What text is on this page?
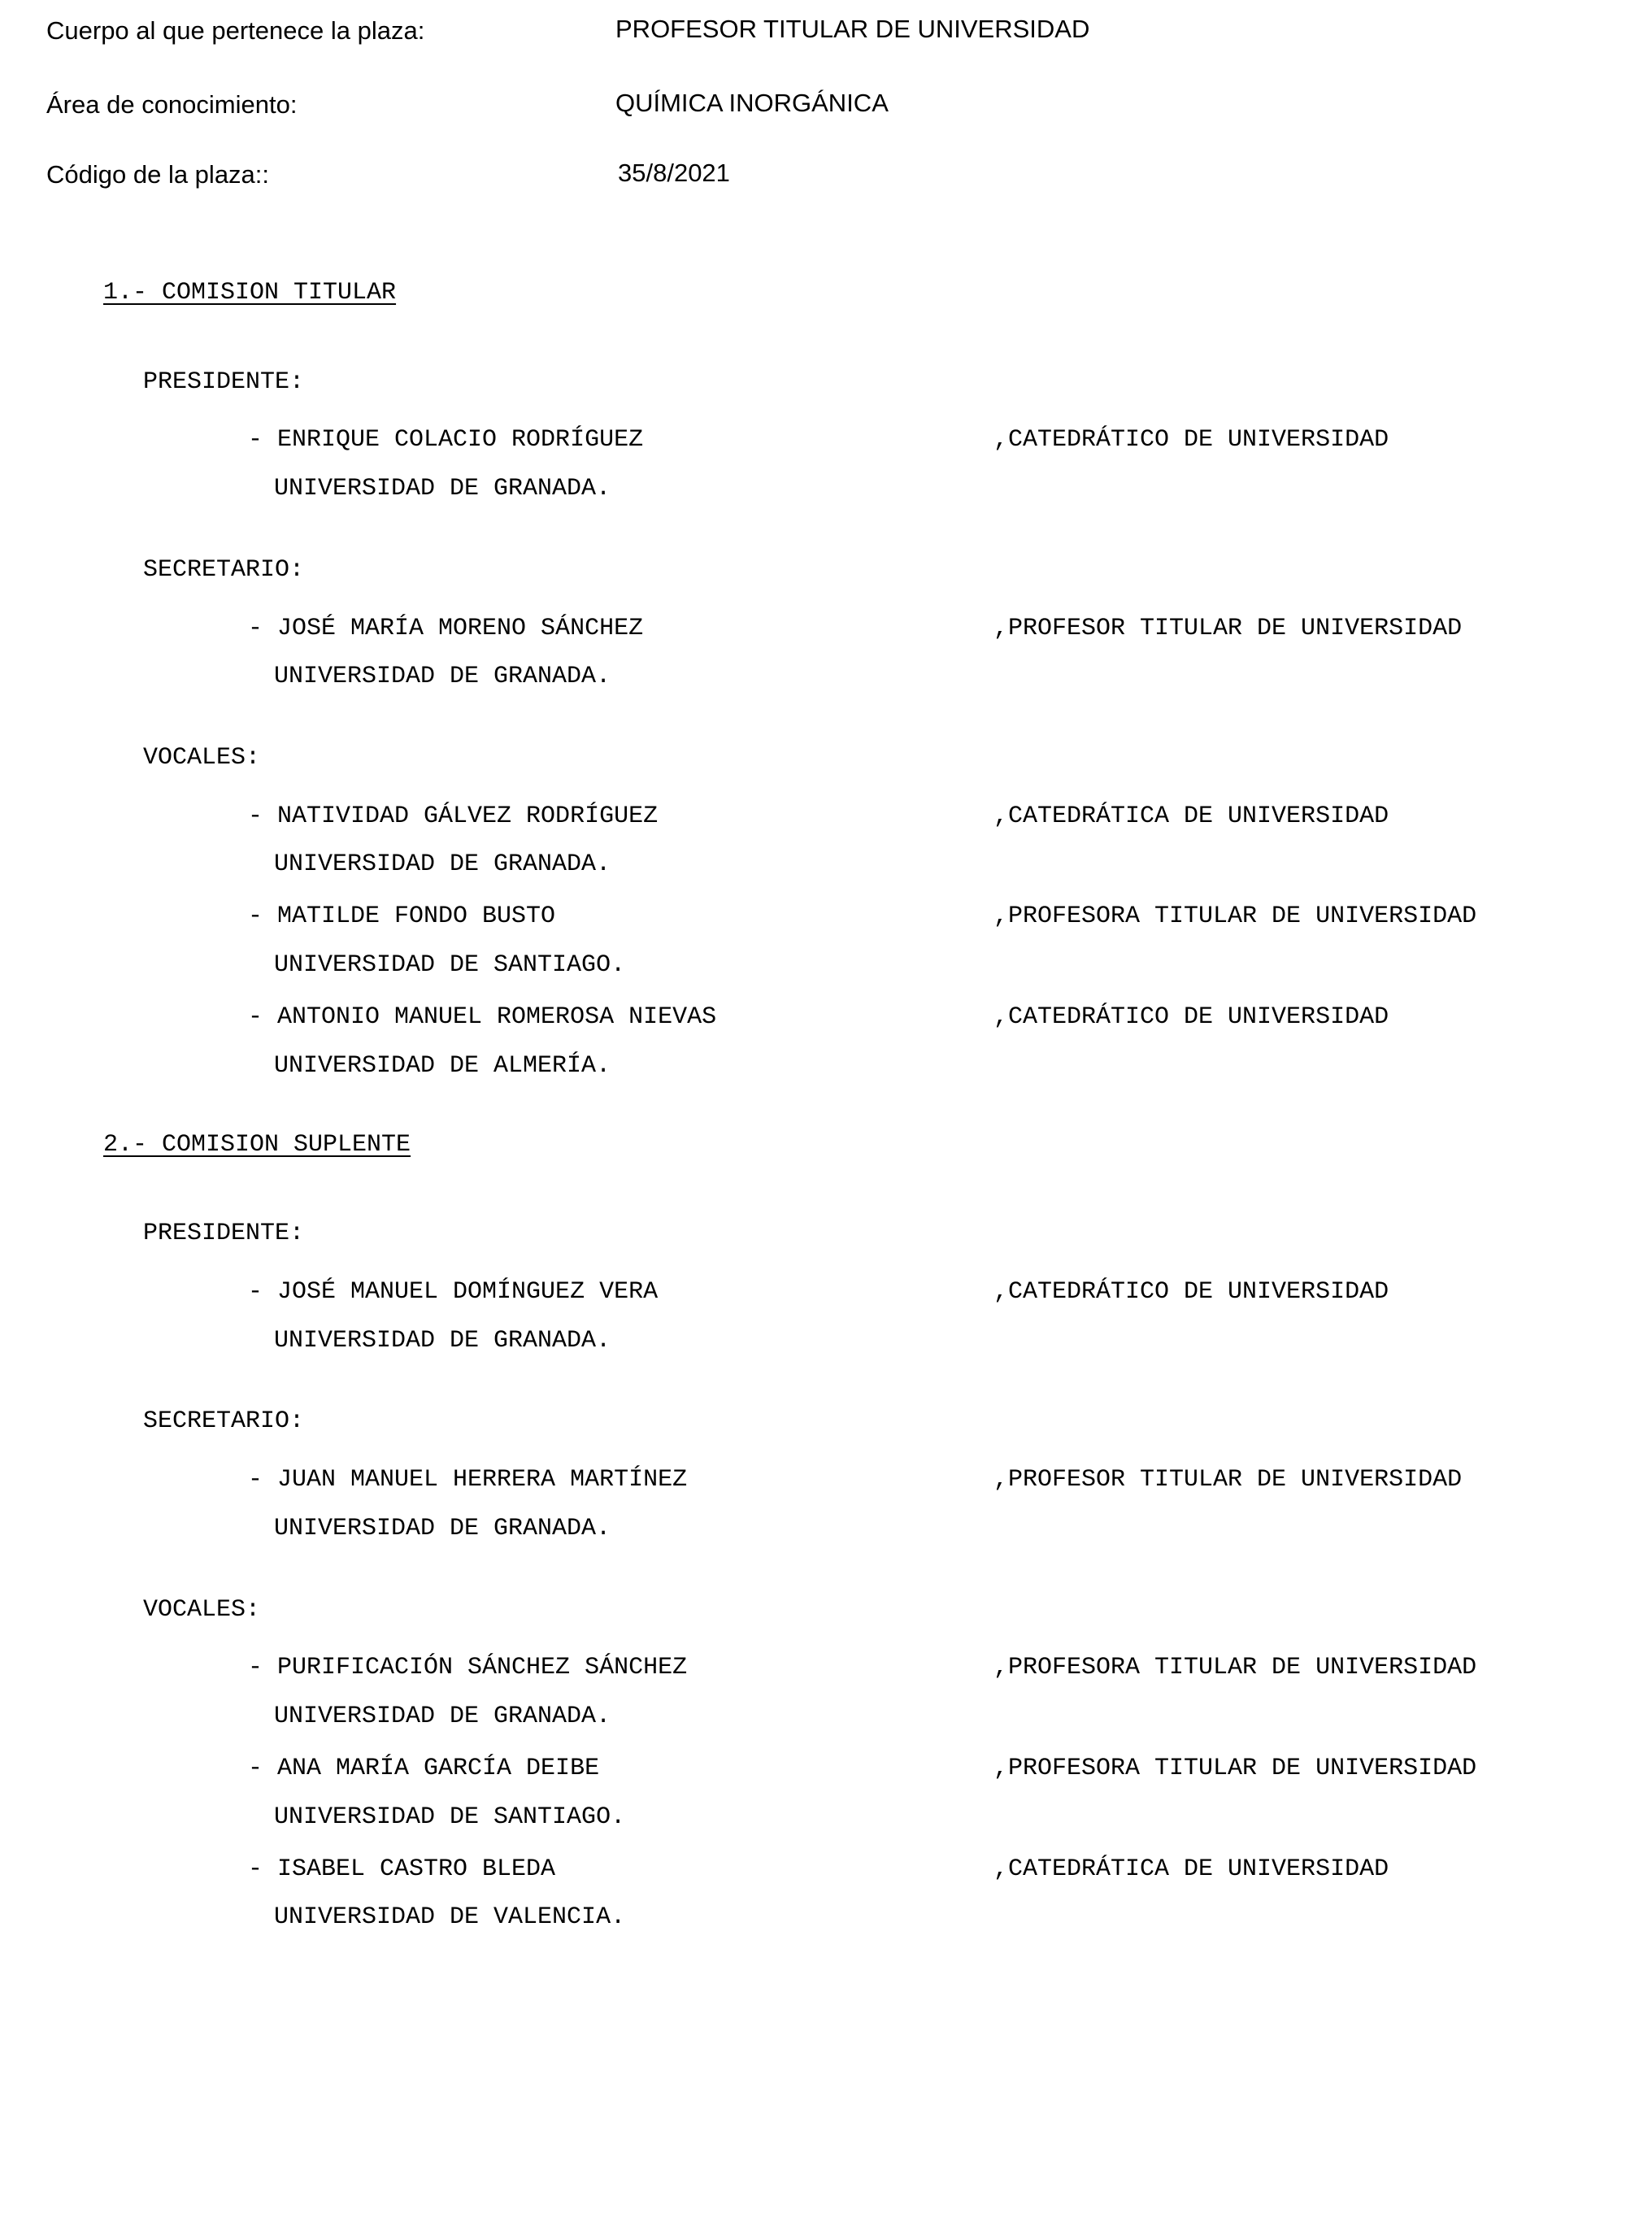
Cuerpo al que pertenece la plaza:	PROFESOR TITULAR DE UNIVERSIDAD
Área de conocimiento:	QUÍMICA INORGÁNICA
Código de la plaza::	35/8/2021
1.- COMISION TITULAR
PRESIDENTE:
- ENRIQUE COLACIO RODRÍGUEZ	,CATEDRÁTICO DE UNIVERSIDAD
UNIVERSIDAD DE GRANADA.
SECRETARIO:
- JOSÉ MARÍA MORENO SÁNCHEZ	,PROFESOR TITULAR DE UNIVERSIDAD
UNIVERSIDAD DE GRANADA.
VOCALES:
- NATIVIDAD GÁLVEZ RODRÍGUEZ	,CATEDRÁTICA DE UNIVERSIDAD
UNIVERSIDAD DE GRANADA.
- MATILDE FONDO BUSTO	,PROFESORA TITULAR DE UNIVERSIDAD
UNIVERSIDAD DE SANTIAGO.
- ANTONIO MANUEL ROMEROSA NIEVAS	,CATEDRÁTICO DE UNIVERSIDAD
UNIVERSIDAD DE ALMERÍA.
2.- COMISION SUPLENTE
PRESIDENTE:
- JOSÉ MANUEL DOMÍNGUEZ VERA	,CATEDRÁTICO DE UNIVERSIDAD
UNIVERSIDAD DE GRANADA.
SECRETARIO:
- JUAN MANUEL HERRERA MARTÍNEZ	,PROFESOR TITULAR DE UNIVERSIDAD
UNIVERSIDAD DE GRANADA.
VOCALES:
- PURIFICACIÓN SÁNCHEZ SÁNCHEZ	,PROFESORA TITULAR DE UNIVERSIDAD
UNIVERSIDAD DE GRANADA.
- ANA MARÍA GARCÍA DEIBE	,PROFESORA TITULAR DE UNIVERSIDAD
UNIVERSIDAD DE SANTIAGO.
- ISABEL CASTRO BLEDA	,CATEDRÁTICA DE UNIVERSIDAD
UNIVERSIDAD DE VALENCIA.
